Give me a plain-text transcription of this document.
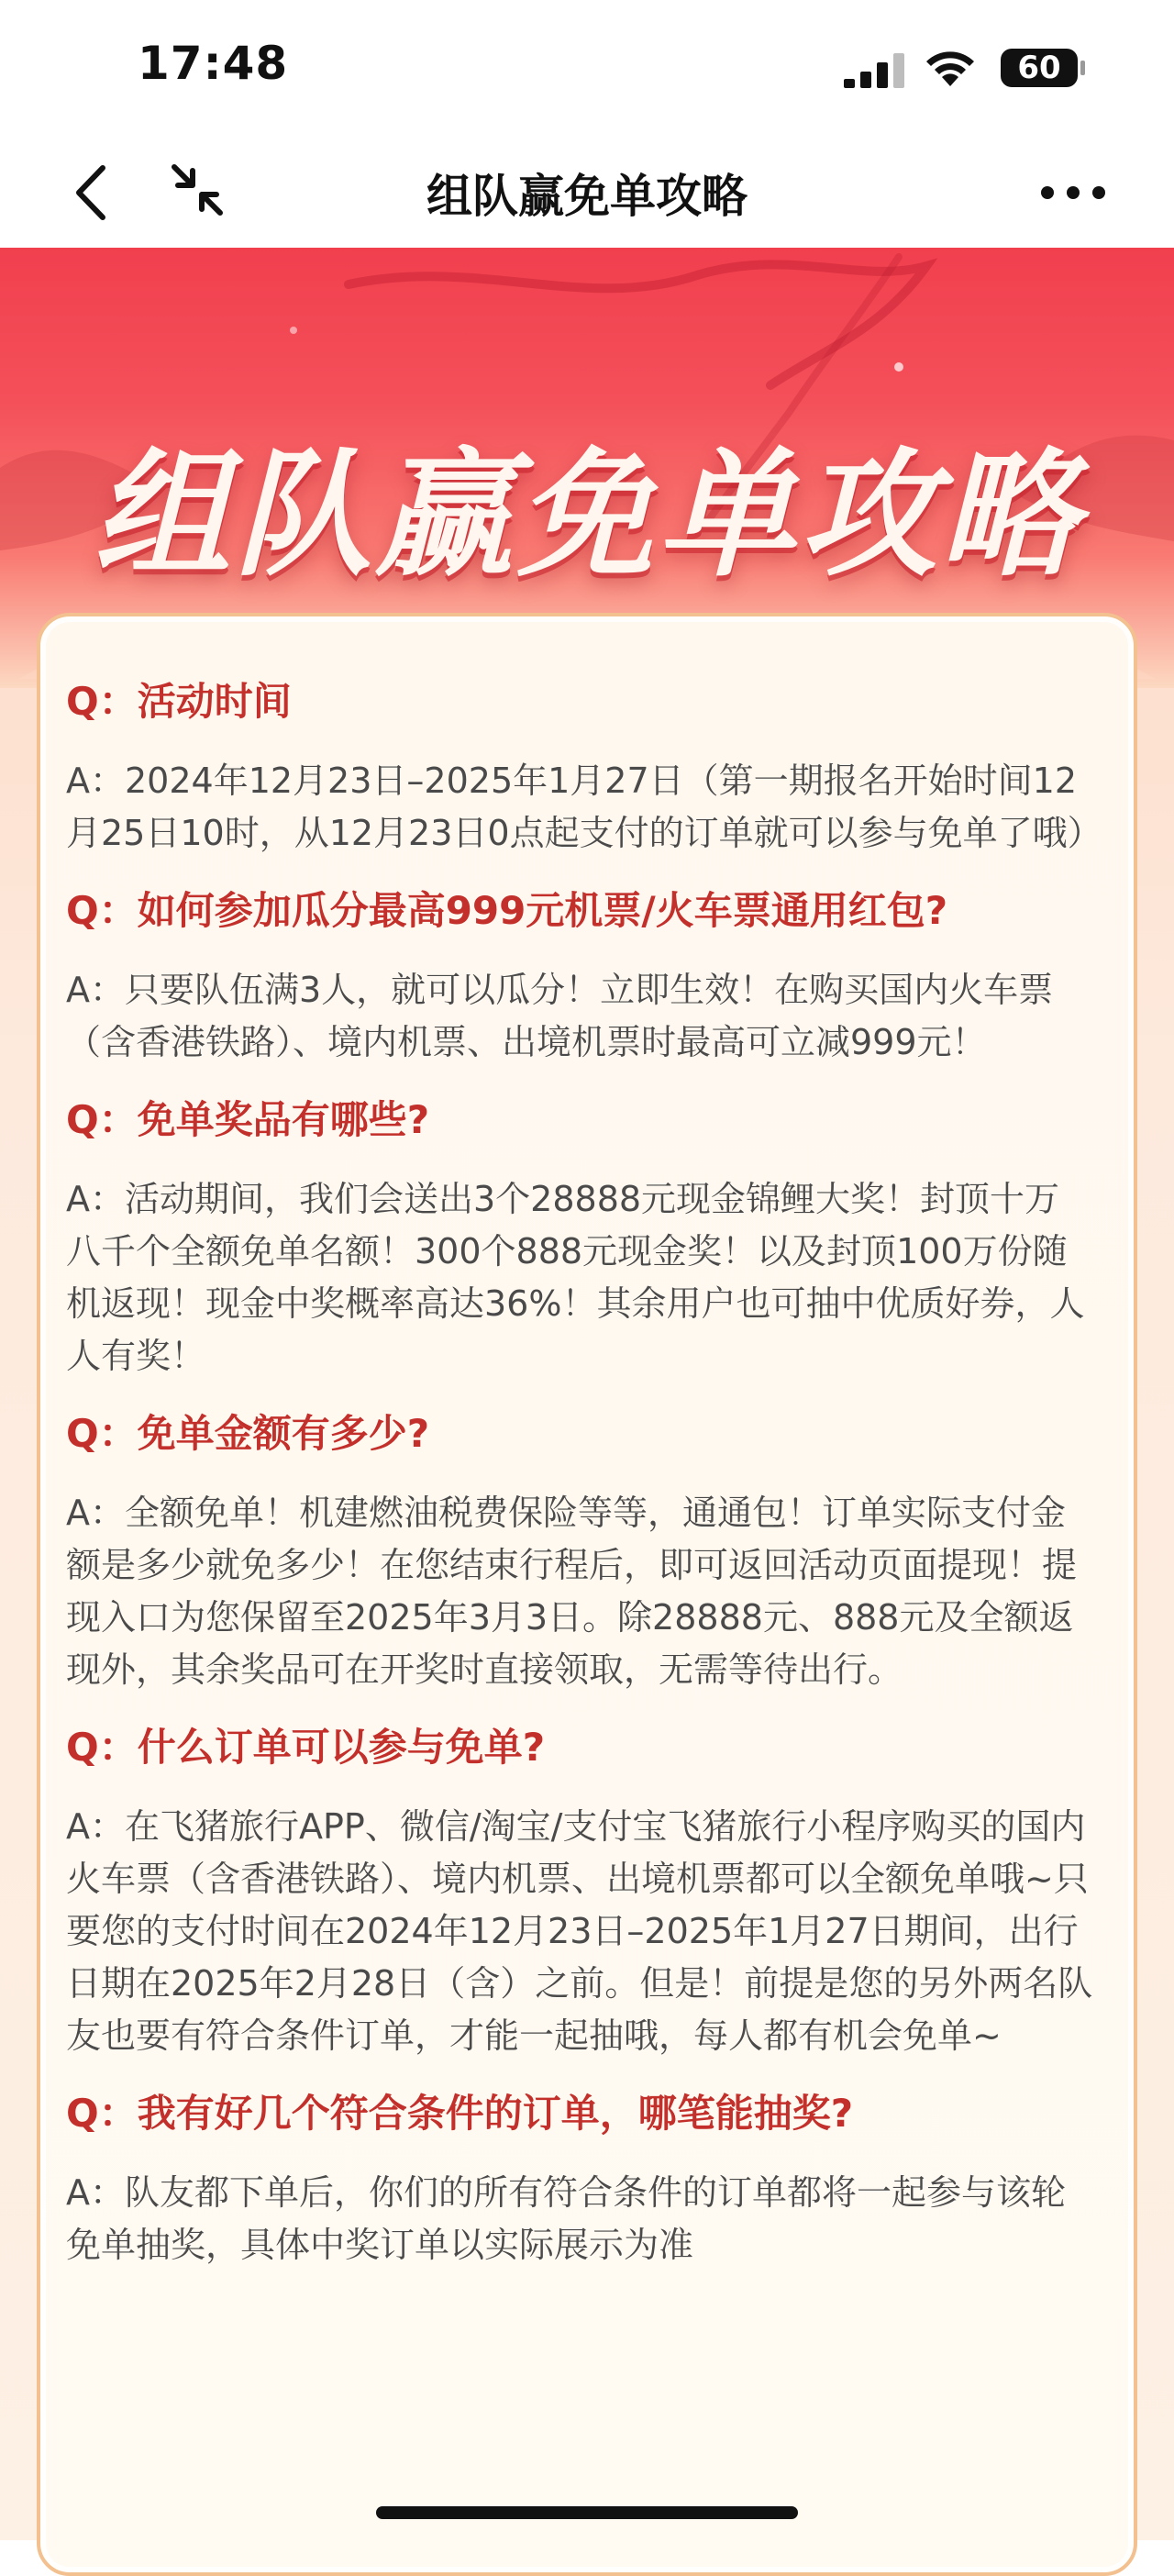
17:48	60
组队赢免单攻略
组队赢免单攻略

Q：活动时间

A：2024年12月23日–2025年1月27日（第一期报名开始时间12月25日10时，从12月23日0点起支付的订单就可以参与免单了哦）

Q：如何参加瓜分最高999元机票/火车票通用红包?

A：只要队伍满3人，就可以瓜分！立即生效！在购买国内火车票（含香港铁路）、境内机票、出境机票时最高可立减999元！

Q：免单奖品有哪些?

A：活动期间，我们会送出3个28888元现金锦鲤大奖！封顶十万八千个全额免单名额！300个888元现金奖！以及封顶100万份随机返现！现金中奖概率高达36%！其余用户也可抽中优质好券，人人有奖！

Q：免单金额有多少?

A：全额免单！机建燃油税费保险等等，通通包！订单实际支付金额是多少就免多少！在您结束行程后，即可返回活动页面提现！提现入口为您保留至2025年3月3日。除28888元、888元及全额返现外，其余奖品可在开奖时直接领取，无需等待出行。

Q：什么订单可以参与免单?

A：在飞猪旅行APP、微信/淘宝/支付宝飞猪旅行小程序购买的国内火车票（含香港铁路）、境内机票、出境机票都可以全额免单哦~只要您的支付时间在2024年12月23日–2025年1月27日期间，出行日期在2025年2月28日（含）之前。但是！前提是您的另外两名队友也要有符合条件订单，才能一起抽哦，每人都有机会免单~

Q：我有好几个符合条件的订单，哪笔能抽奖?

A：队友都下单后，你们的所有符合条件的订单都将一起参与该轮免单抽奖，具体中奖订单以实际展示为准
